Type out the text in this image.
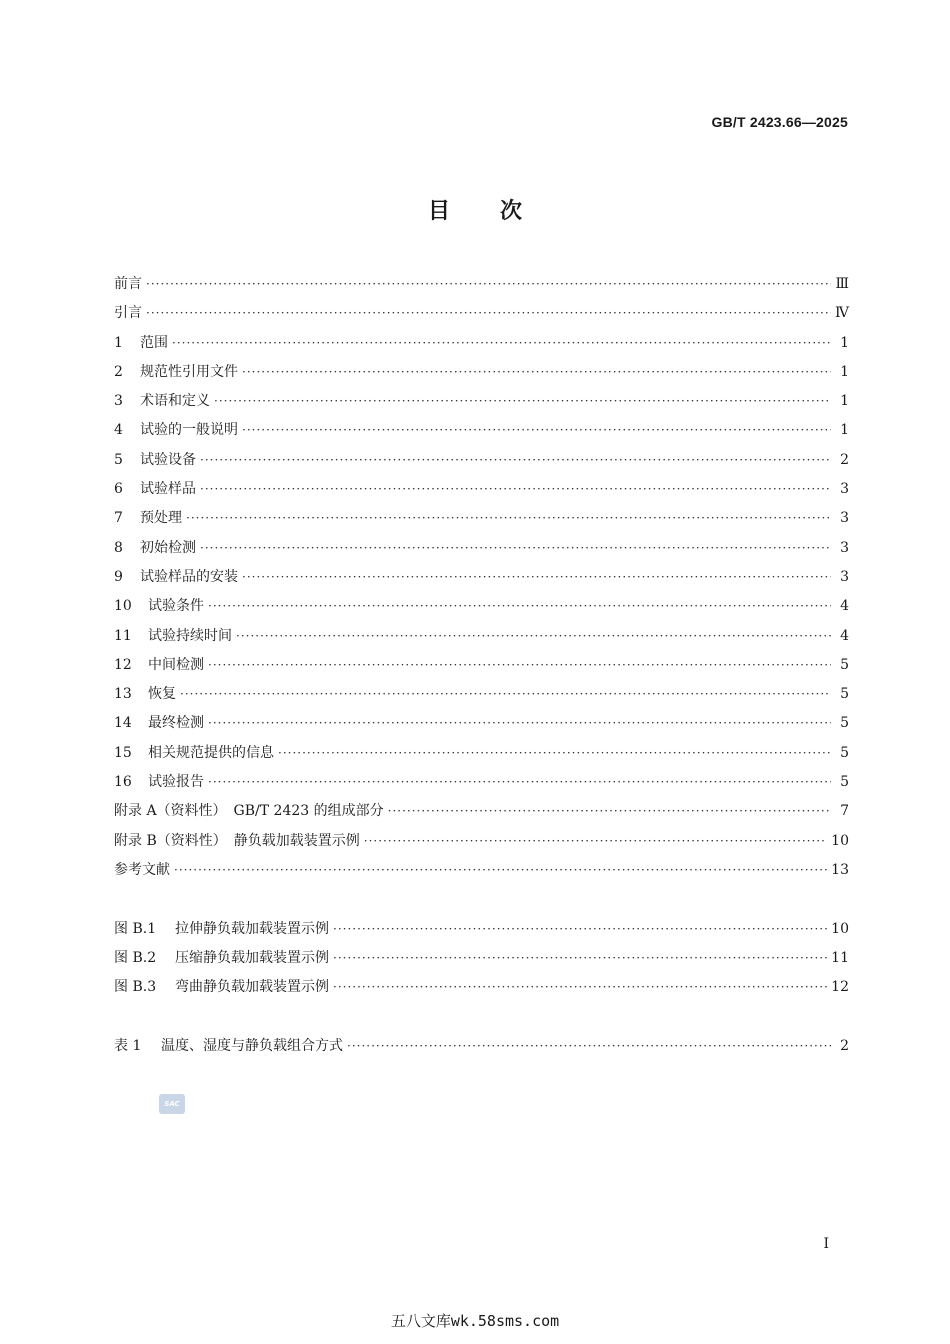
GB/T 2423.66—2025
目 次
前言 ·····	Ⅲ
引言 ·····	Ⅳ
1	范围 ·····	1
2	规范性引用文件 ·····	1
3	术语和定义 ·····	1
4	试验的一般说明 ·····	1
5	试验设备 ·····	2
6	试验样品 ·····	3
7	预处理 ·····	3
8	初始检测 ·····	3
9	试验样品的安装 ·····	3
10	试验条件 ·····	4
11	试验持续时间 ·····	4
12	中间检测 ·····	5
13	恢复 ·····	5
14	最终检测 ·····	5
15	相关规范提供的信息 ·····	5
16	试验报告 ·····	5
附录 A（资料性）　GB/T 2423 的组成部分 ·····	7
附录 B（资料性）　静负载加载装置示例 ·····	10
参考文献 ·····	13
图 B.1	拉伸静负载加载装置示例 ·····	10
图 B.2	压缩静负载加载装置示例 ·····	11
图 B.3	弯曲静负载加载装置示例 ·····	12
表 1	温度、湿度与静负载组合方式 ·····	2
SAC
I
五八文库wk.58sms.com
